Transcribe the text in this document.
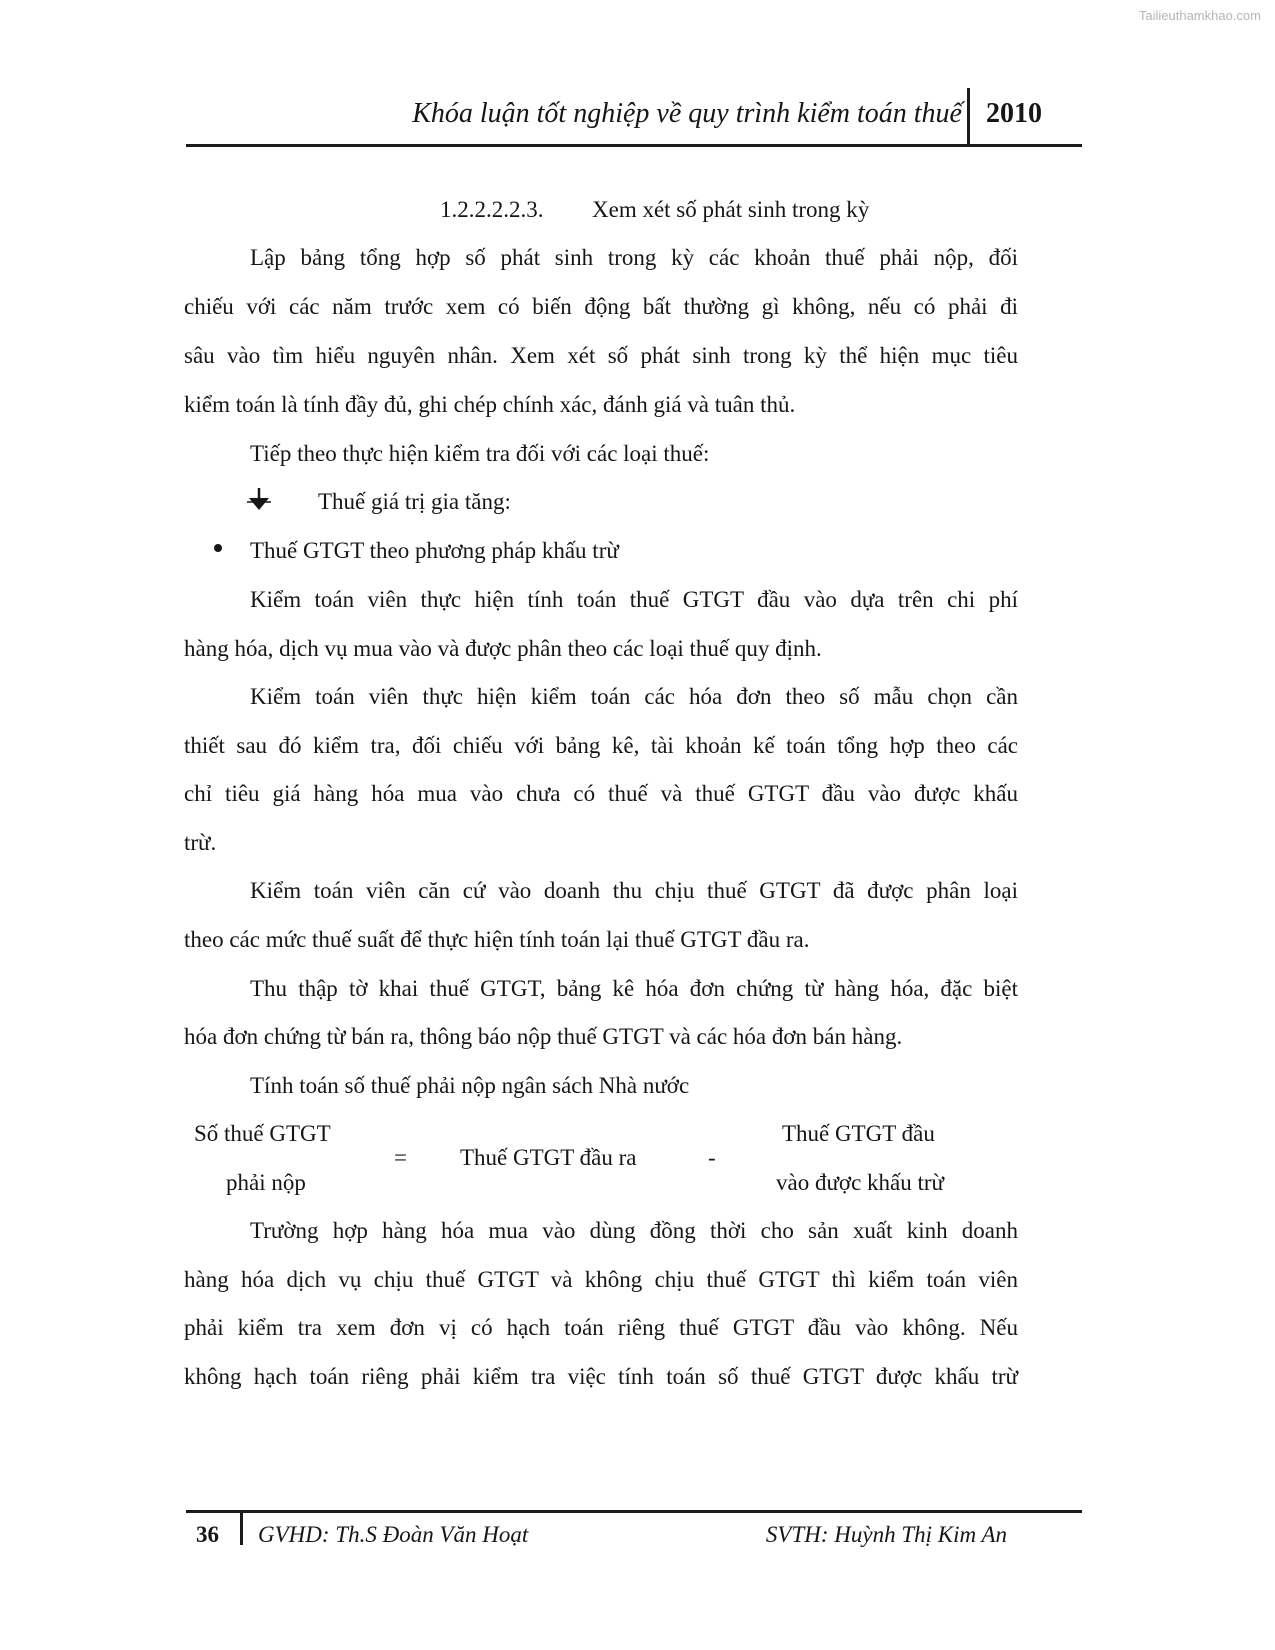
Tailieuthamkhao.com
Khóa luận tốt nghiệp về quy trình kiểm toán thuế 2010
1.2.2.2.2.3. Xem xét số phát sinh trong kỳ
Lập bảng tổng hợp số phát sinh trong kỳ các khoản thuế phải nộp, đối
chiếu với các năm trước xem có biến động bất thường gì không, nếu có phải đi
sâu vào tìm hiểu nguyên nhân. Xem xét số phát sinh trong kỳ thể hiện mục tiêu
kiểm toán là tính đầy đủ, ghi chép chính xác, đánh giá và tuân thủ.
Tiếp theo thực hiện kiểm tra đối với các loại thuế:
Thuế giá trị gia tăng:
Thuế GTGT theo phương pháp khấu trừ
Kiểm toán viên thực hiện tính toán thuế GTGT đầu vào dựa trên chi phí
hàng hóa, dịch vụ mua vào và được phân theo các loại thuế quy định.
Kiểm toán viên thực hiện kiểm toán các hóa đơn theo số mẫu chọn cần
thiết sau đó kiểm tra, đối chiếu với bảng kê, tài khoản kế toán tổng hợp theo các
chỉ tiêu giá hàng hóa mua vào chưa có thuế và thuế GTGT đầu vào được khấu
trừ.
Kiểm toán viên căn cứ vào doanh thu chịu thuế GTGT đã được phân loại
theo các mức thuế suất để thực hiện tính toán lại thuế GTGT đầu ra.
Thu thập tờ khai thuế GTGT, bảng kê hóa đơn chứng từ hàng hóa, đặc biệt
hóa đơn chứng từ bán ra, thông báo nộp thuế GTGT và các hóa đơn bán hàng.
Tính toán số thuế phải nộp ngân sách Nhà nước
Số thuế GTGT
phải nộp
= Thuế GTGT đầu ra	-
Thuế GTGT đầu
vào được khấu trừ
Trường hợp hàng hóa mua vào dùng đồng thời cho sản xuất kinh doanh
hàng hóa dịch vụ chịu thuế GTGT và không chịu thuế GTGT thì kiểm toán viên
phải kiểm tra xem đơn vị có hạch toán riêng thuế GTGT đầu vào không. Nếu
không hạch toán riêng phải kiểm tra việc tính toán số thuế GTGT được khấu trừ
36 GVHD: Th.S Đoàn Văn Hoạt	SVTH: Huỳnh Thị Kim An
